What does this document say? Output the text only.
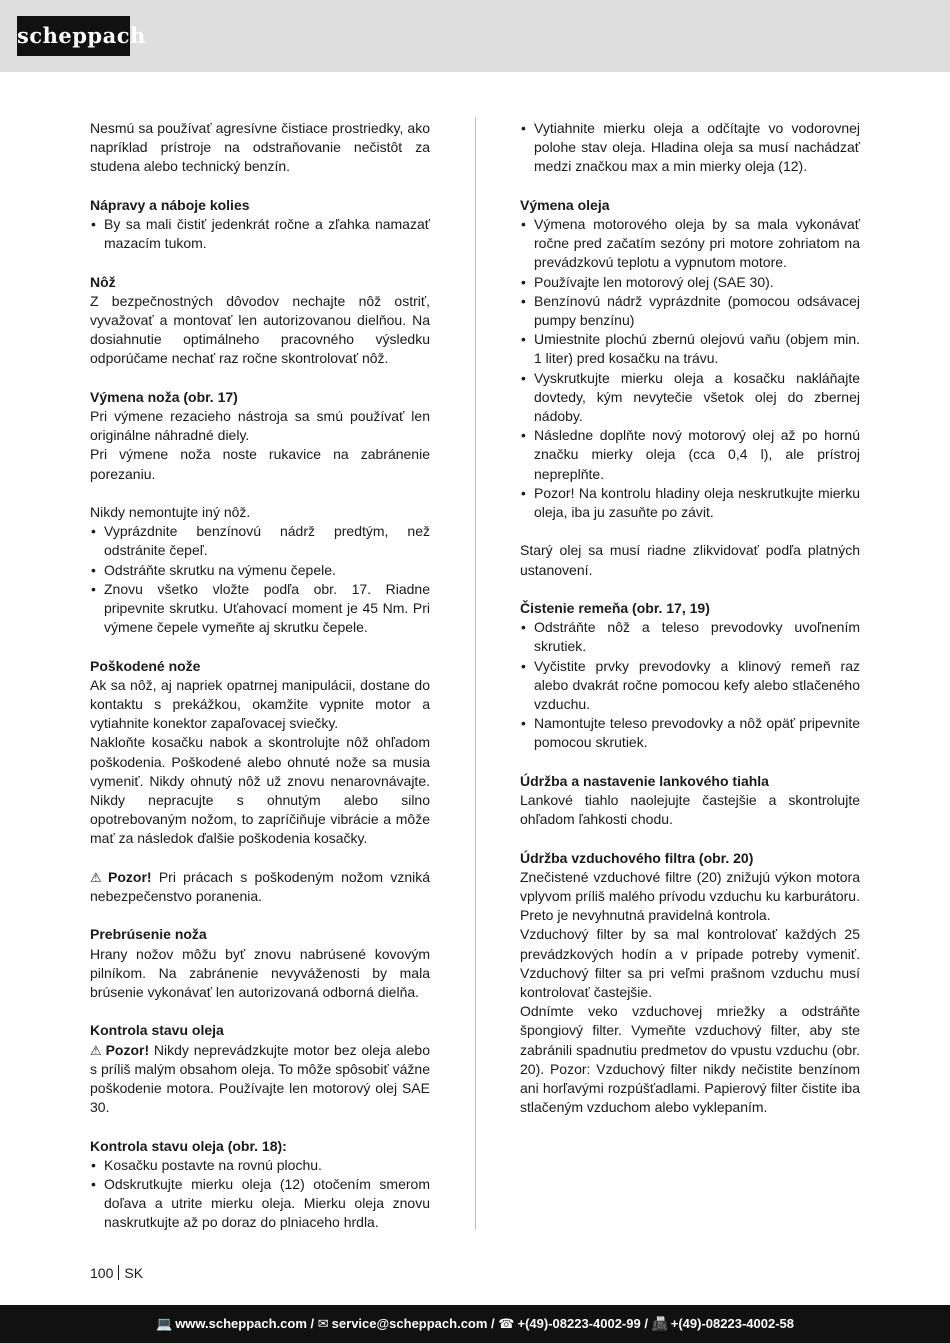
scheppach

Nesmú sa používať agresívne čistiace prostriedky, ako napríklad prístroje na odstraňovanie nečistôt za studena alebo technický benzín.

Nápravy a náboje kolies
• By sa mali čistiť jedenkrát ročne a zľahka namazať mazacím tukom.
Nôž

Z bezpečnostných dôvodov nechajte nôž ostriť, vyvažovať a montovať len autorizovanou dielňou. Na dosiahnutie optimálneho pracovného výsledku odporúčame nechať raz ročne skontrolovať nôž.

Výmena noža (obr. 17)

Pri výmene rezacieho nástroja sa smú používať len originálne náhradné diely.

Pri výmene noža noste rukavice na zabránenie porezaniu.

Nikdy nemontujte iný nôž.

• Vyprázdnite benzínovú nádrž predtým, než odstránite čepeľ.
• Odstráňte skrutku na výmenu čepele.
• Znovu všetko vložte podľa obr. 17. Riadne pripevnite skrutku. Uťahovací moment je 45 Nm. Pri výmene čepele vymeňte aj skrutku čepele.
Poškodené nože

Ak sa nôž, aj napriek opatrnej manipulácii, dostane do kontaktu s prekážkou, okamžite vypnite motor a vytiahnite konektor zapaľovacej sviečky.

Nakloňte kosačku nabok a skontrolujte nôž ohľadom poškodenia. Poškodené alebo ohnuté nože sa musia vymeniť. Nikdy ohnutý nôž už znovu nenarovnávajte. Nikdy nepracujte s ohnutým alebo silno opotrebovaným nožom, to zapríčiňuje vibrácie a môže mať za následok ďalšie poškodenia kosačky.

⚠ Pozor! Pri prácach s poškodeným nožom vzniká nebezpečenstvo poranenia.

Prebrúsenie noža

Hrany nožov môžu byť znovu nabrúsené kovovým pilníkom. Na zabránenie nevyváženosti by mala brúsenie vykonávať len autorizovaná odborná dielňa.

Kontrola stavu oleja

⚠ Pozor! Nikdy neprevádzkujte motor bez oleja alebo s príliš malým obsahom oleja. To môže spôsobiť vážne poškodenie motora. Používajte len motorový olej SAE 30.

Kontrola stavu oleja (obr. 18):
• Kosačku postavte na rovnú plochu.
• Odskrutkujte mierku oleja (12) otočením smerom doľava a utrite mierku oleja. Mierku oleja znovu naskrutkujte až po doraz do plniaceho hrdla.
• Vytiahnite mierku oleja a odčítajte vo vodorovnej polohe stav oleja. Hladina oleja sa musí nachádzať medzi značkou max a min mierky oleja (12).
Výmena oleja
• Výmena motorového oleja by sa mala vykonávať ročne pred začatím sezóny pri motore zohriatom na prevádzkovú teplotu a vypnutom motore.
• Používajte len motorový olej (SAE 30).
• Benzínovú nádrž vyprázdnite (pomocou odsávacej pumpy benzínu)
• Umiestnite plochú zbernú olejovú vaňu (objem min. 1 liter) pred kosačku na trávu.
• Vyskrutkujte mierku oleja a kosačku nakláňajte dovtedy, kým nevytečie všetok olej do zbernej nádoby.
• Následne doplňte nový motorový olej až po hornú značku mierky oleja (cca 0,4 l), ale prístroj nepreplňte.
• Pozor! Na kontrolu hladiny oleja neskrutkujte mierku oleja, iba ju zasuňte po závit.

Starý olej sa musí riadne zlikvidovať podľa platných ustanovení.

Čistenie remeňa (obr. 17, 19)
• Odstráňte nôž a teleso prevodovky uvoľnením skrutiek.
• Vyčistite prvky prevodovky a klinový remeň raz alebo dvakrát ročne pomocou kefy alebo stlačeného vzduchu.
• Namontujte teleso prevodovky a nôž opäť pripevnite pomocou skrutiek.
Údržba a nastavenie lankového tiahla

Lankové tiahlo naolejujte častejšie a skontrolujte ohľadom ľahkosti chodu.

Údržba vzduchového filtra (obr. 20)

Znečistené vzduchové filtre (20) znižujú výkon motora vplyvom príliš malého prívodu vzduchu ku karburátoru. Preto je nevyhnutná pravidelná kontrola.

Vzduchový filter by sa mal kontrolovať každých 25 prevádzkových hodín a v prípade potreby vymeniť. Vzduchový filter sa pri veľmi prašnom vzduchu musí kontrolovať častejšie.

Odnímte veko vzduchovej mriežky a odstráňte špongiový filter. Vymeňte vzduchový filter, aby ste zabránili spadnutiu predmetov do vpustu vzduchu (obr. 20). Pozor: Vzduchový filter nikdy nečistite benzínom ani horľavými rozpúšťadlami. Papierový filter čistite iba stlačeným vzduchom alebo vyklepaním.

100 SK
💻 www.scheppach.com / ✉ service@scheppach.com / ☎ +(49)-08223-4002-99 / 📠 +(49)-08223-4002-58
